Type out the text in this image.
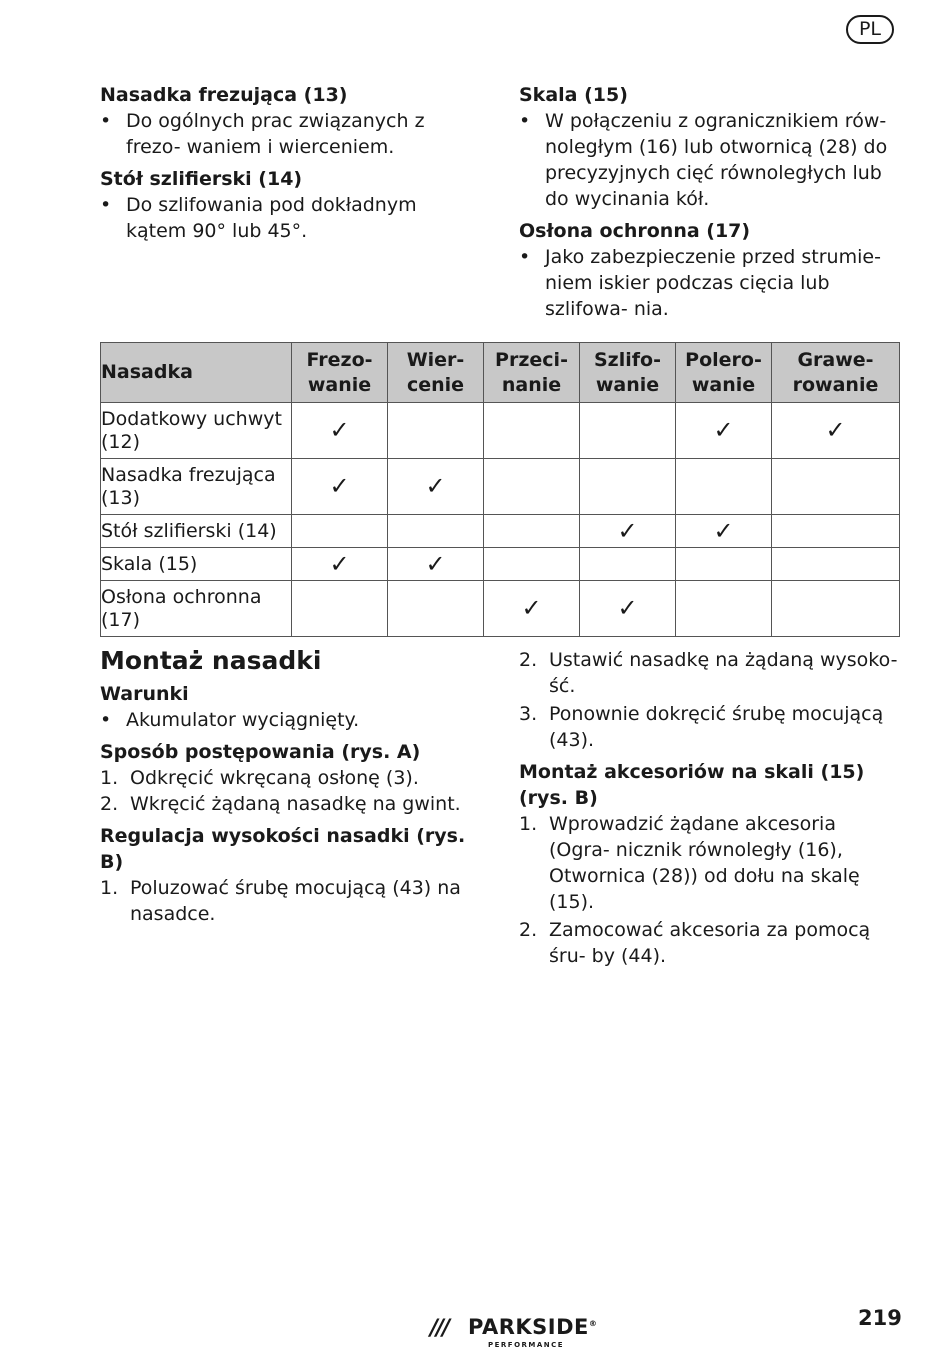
PL
Nasadka frezująca (13)
• Do ogólnych prac związanych z frezo- waniem i wierceniem.
Stół szlifierski (14)
• Do szlifowania pod dokładnym kątem 90° lub 45°.
Skala (15)
• W połączeniu z ogranicznikiem rów- noległym (16) lub otwornicą (28) do precyzyjnych cięć równoległych lub do wycinania kół.
Osłona ochronna (17)
• Jako zabezpieczenie przed strumie- niem iskier podczas cięcia lub szlifowa- nia.
Nasadka	Frezo- wanie	Wier- cenie	Przeci- nanie	Szlifo- wanie	Polero- wanie	Grawe- rowanie
Dodatkowy uchwyt (12)	✓				✓	✓
Nasadka frezująca (13)	✓	✓				
Stół szlifierski (14)				✓	✓	
Skala (15)	✓	✓				
Osłona ochronna (17)			✓	✓		
Montaż nasadki
Warunki
• Akumulator wyciągnięty.
Sposób postępowania (rys. A)
1. Odkręcić wkręcaną osłonę (3).
2. Wkręcić żądaną nasadkę na gwint.
Regulacja wysokości nasadki (rys. B)
1. Poluzować śrubę mocującą (43) na nasadce.
2. Ustawić nasadkę na żądaną wysoko- ść.
3. Ponownie dokręcić śrubę mocującą (43).
Montaż akcesoriów na skali (15) (rys. B)
1. Wprowadzić żądane akcesoria (Ogra- nicznik równoległy (16), Otwornica (28)) od dołu na skalę (15).
2. Zamocować akcesoria za pomocą śru- by (44).
/// PARKSIDE®
PERFORMANCE
219
